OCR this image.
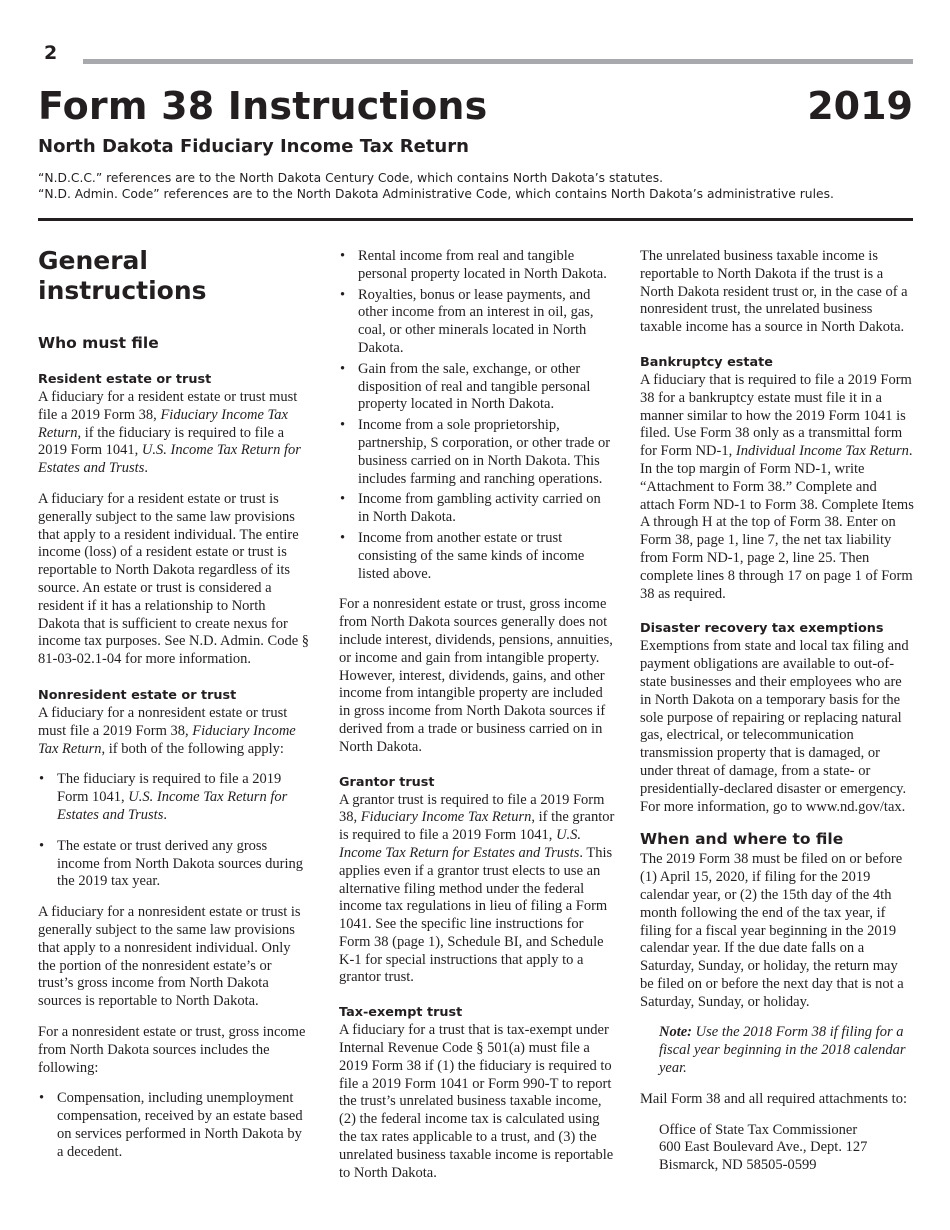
2
Form 38 Instructions	2019
North Dakota Fiduciary Income Tax Return
“N.D.C.C.” references are to the North Dakota Century Code, which contains North Dakota’s statutes.
“N.D. Admin. Code” references are to the North Dakota Administrative Code, which contains North Dakota’s administrative rules.
General
instructions
Who must file
Resident estate or trust

A fiduciary for a resident estate or trust must file a 2019 Form 38, Fiduciary Income Tax Return, if the fiduciary is required to file a 2019 Form 1041, U.S. Income Tax Return for Estates and Trusts.

A fiduciary for a resident estate or trust is generally subject to the same law provisions that apply to a resident individual. The entire income (loss) of a resident estate or trust is reportable to North Dakota regardless of its source. An estate or trust is considered a resident if it has a relationship to North Dakota that is sufficient to create nexus for income tax purposes. See N.D. Admin. Code § 81-03-02.1-04 for more information.

Nonresident estate or trust

A fiduciary for a nonresident estate or trust must file a 2019 Form 38, Fiduciary Income Tax Return, if both of the following apply:

• The fiduciary is required to file a 2019 Form 1041, U.S. Income Tax Return for Estates and Trusts.
• The estate or trust derived any gross income from North Dakota sources during the 2019 tax year.

A fiduciary for a nonresident estate or trust is generally subject to the same law provisions that apply to a nonresident individual. Only the portion of the nonresident estate’s or trust’s gross income from North Dakota sources is reportable to North Dakota.

For a nonresident estate or trust, gross income from North Dakota sources includes the following:

• Compensation, including unemployment compensation, received by an estate based on services performed in North Dakota by a decedent.
• Rental income from real and tangible personal property located in North Dakota.
• Royalties, bonus or lease payments, and other income from an interest in oil, gas, coal, or other minerals located in North Dakota.
• Gain from the sale, exchange, or other disposition of real and tangible personal property located in North Dakota.
• Income from a sole proprietorship, partnership, S corporation, or other trade or business carried on in North Dakota. This includes farming and ranching operations.
• Income from gambling activity carried on in North Dakota.
• Income from another estate or trust consisting of the same kinds of income listed above.

For a nonresident estate or trust, gross income from North Dakota sources generally does not include interest, dividends, pensions, annuities, or income and gain from intangible property. However, interest, dividends, gains, and other income from intangible property are included in gross income from North Dakota sources if derived from a trade or business carried on in North Dakota.

Grantor trust

A grantor trust is required to file a 2019 Form 38, Fiduciary Income Tax Return, if the grantor is required to file a 2019 Form 1041, U.S. Income Tax Return for Estates and Trusts. This applies even if a grantor trust elects to use an alternative filing method under the federal income tax regulations in lieu of filing a Form 1041. See the specific line instructions for Form 38 (page 1), Schedule BI, and Schedule K-1 for special instructions that apply to a grantor trust.

Tax-exempt trust

A fiduciary for a trust that is tax-exempt under Internal Revenue Code § 501(a) must file a 2019 Form 38 if (1) the fiduciary is required to file a 2019 Form 1041 or Form 990-T to report the trust’s unrelated business taxable income, (2) the federal income tax is calculated using the tax rates applicable to a trust, and (3) the unrelated business taxable income is reportable to North Dakota.

The unrelated business taxable income is reportable to North Dakota if the trust is a North Dakota resident trust or, in the case of a nonresident trust, the unrelated business taxable income has a source in North Dakota.

Bankruptcy estate

A fiduciary that is required to file a 2019 Form 38 for a bankruptcy estate must file it in a manner similar to how the 2019 Form 1041 is filed. Use Form 38 only as a transmittal form for Form ND-1, Individual Income Tax Return. In the top margin of Form ND-1, write “Attachment to Form 38.” Complete and attach Form ND-1 to Form 38. Complete Items A through H at the top of Form 38. Enter on Form 38, page 1, line 7, the net tax liability from Form ND-1, page 2, line 25. Then complete lines 8 through 17 on page 1 of Form 38 as required.

Disaster recovery tax exemptions

Exemptions from state and local tax filing and payment obligations are available to out-of-state businesses and their employees who are in North Dakota on a temporary basis for the sole purpose of repairing or replacing natural gas, electrical, or telecommunication transmission property that is damaged, or under threat of damage, from a state- or presidentially-declared disaster or emergency. For more information, go to www.nd.gov/tax.

When and where to file

The 2019 Form 38 must be filed on or before (1) April 15, 2020, if filing for the 2019 calendar year, or (2) the 15th day of the 4th month following the end of the tax year, if filing for a fiscal year beginning in the 2019 calendar year. If the due date falls on a Saturday, Sunday, or holiday, the return may be filed on or before the next day that is not a Saturday, Sunday, or holiday.

Note: Use the 2018 Form 38 if filing for a fiscal year beginning in the 2018 calendar year.

Mail Form 38 and all required attachments to:

Office of State Tax Commissioner
600 East Boulevard Ave., Dept. 127
Bismarck, ND 58505-0599
